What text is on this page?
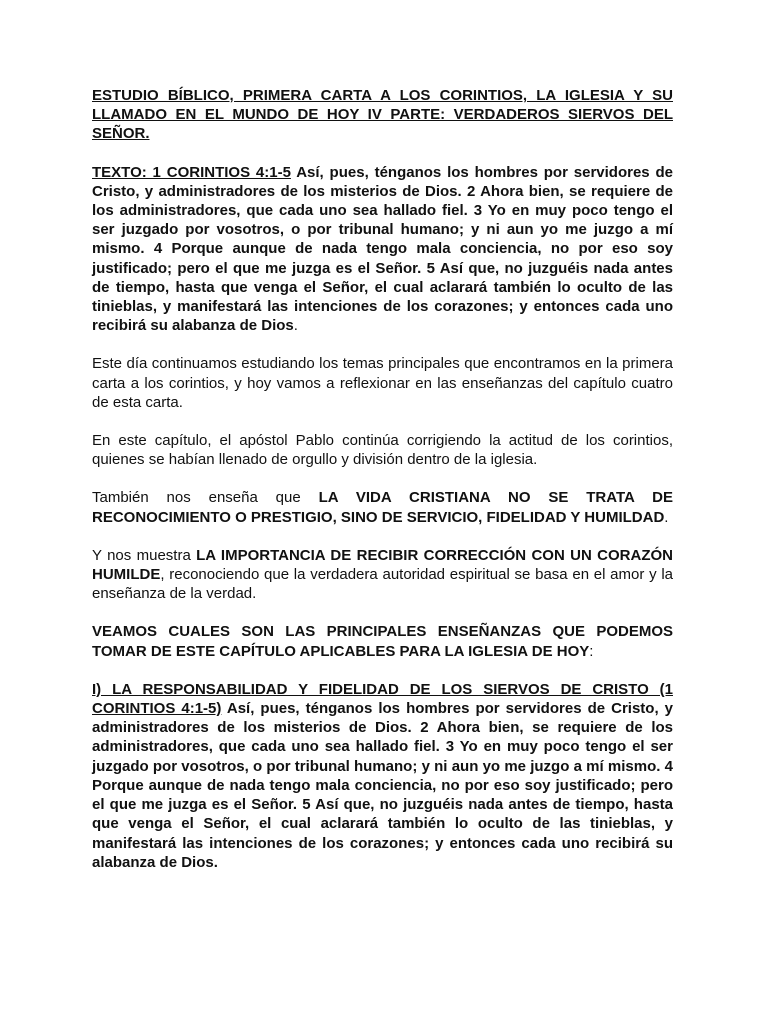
ESTUDIO BÍBLICO, PRIMERA CARTA A LOS CORINTIOS, LA IGLESIA Y SU LLAMADO EN EL MUNDO DE HOY IV PARTE: VERDADEROS SIERVOS DEL SEÑOR.

TEXTO: 1 CORINTIOS 4:1-5 Así, pues, ténganos los hombres por servidores de Cristo, y administradores de los misterios de Dios. 2 Ahora bien, se requiere de los administradores, que cada uno sea hallado fiel. 3 Yo en muy poco tengo el ser juzgado por vosotros, o por tribunal humano; y ni aun yo me juzgo a mí mismo. 4 Porque aunque de nada tengo mala conciencia, no por eso soy justificado; pero el que me juzga es el Señor. 5 Así que, no juzguéis nada antes de tiempo, hasta que venga el Señor, el cual aclarará también lo oculto de las tinieblas, y manifestará las intenciones de los corazones; y entonces cada uno recibirá su alabanza de Dios.

Este día continuamos estudiando los temas principales que encontramos en la primera carta a los corintios, y hoy vamos a reflexionar en las enseñanzas del capítulo cuatro de esta carta.

En este capítulo, el apóstol Pablo continúa corrigiendo la actitud de los corintios, quienes se habían llenado de orgullo y división dentro de la iglesia.

También nos enseña que LA VIDA CRISTIANA NO SE TRATA DE RECONOCIMIENTO O PRESTIGIO, SINO DE SERVICIO, FIDELIDAD Y HUMILDAD.

Y nos muestra LA IMPORTANCIA DE RECIBIR CORRECCIÓN CON UN CORAZÓN HUMILDE, reconociendo que la verdadera autoridad espiritual se basa en el amor y la enseñanza de la verdad.

VEAMOS CUALES SON LAS PRINCIPALES ENSEÑANZAS QUE PODEMOS TOMAR DE ESTE CAPÍTULO APLICABLES PARA LA IGLESIA DE HOY:

I) LA RESPONSABILIDAD Y FIDELIDAD DE LOS SIERVOS DE CRISTO (1 CORINTIOS 4:1-5) Así, pues, ténganos los hombres por servidores de Cristo, y administradores de los misterios de Dios. 2 Ahora bien, se requiere de los administradores, que cada uno sea hallado fiel. 3 Yo en muy poco tengo el ser juzgado por vosotros, o por tribunal humano; y ni aun yo me juzgo a mí mismo. 4 Porque aunque de nada tengo mala conciencia, no por eso soy justificado; pero el que me juzga es el Señor. 5 Así que, no juzguéis nada antes de tiempo, hasta que venga el Señor, el cual aclarará también lo oculto de las tinieblas, y manifestará las intenciones de los corazones; y entonces cada uno recibirá su alabanza de Dios.
